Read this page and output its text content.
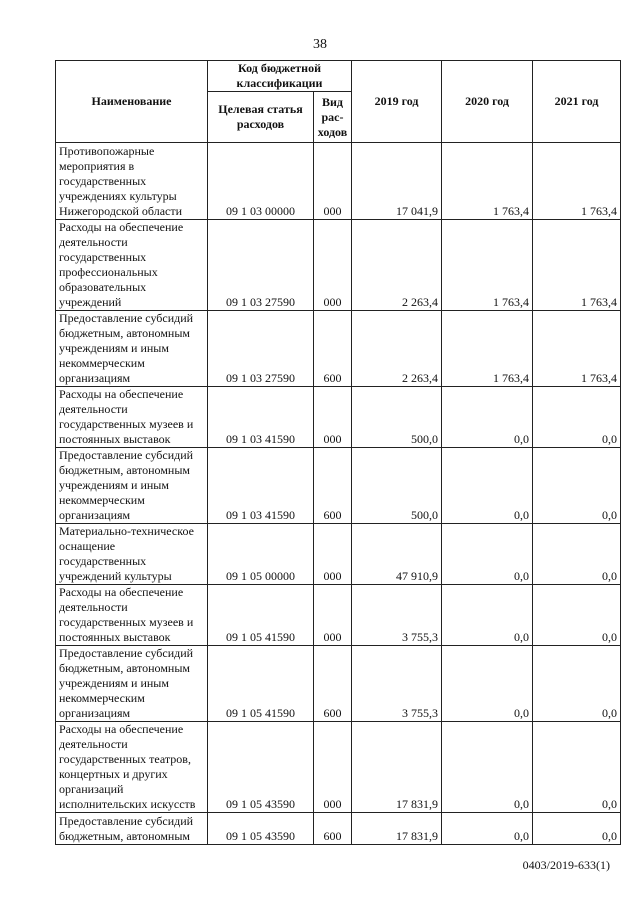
38
Наименование	Код бюджетной классификации		2019 год	2020 год	2021 год
	Целевая статья расходов	Вид рас-ходов			
Противопожарные мероприятия в государственных учреждениях культуры Нижегородской области	09 1 03 00000	000	17 041,9	1 763,4	1 763,4
Расходы на обеспечение деятельности государственных профессиональных образовательных учреждений	09 1 03 27590	000	2 263,4	1 763,4	1 763,4
Предоставление субсидий бюджетным, автономным учреждениям и иным некоммерческим организациям	09 1 03 27590	600	2 263,4	1 763,4	1 763,4
Расходы на обеспечение деятельности государственных музеев и постоянных выставок	09 1 03 41590	000	500,0	0,0	0,0
Предоставление субсидий бюджетным, автономным учреждениям и иным некоммерческим организациям	09 1 03 41590	600	500,0	0,0	0,0
Материально-техническое оснащение государственных учреждений культуры	09 1 05 00000	000	47 910,9	0,0	0,0
Расходы на обеспечение деятельности государственных музеев и постоянных выставок	09 1 05 41590	000	3 755,3	0,0	0,0
Предоставление субсидий бюджетным, автономным учреждениям и иным некоммерческим организациям	09 1 05 41590	600	3 755,3	0,0	0,0
Расходы на обеспечение деятельности государственных театров, концертных и других организаций исполнительских искусств	09 1 05 43590	000	17 831,9	0,0	0,0
Предоставление субсидий бюджетным, автономным	09 1 05 43590	600	17 831,9	0,0	0,0
0403/2019-633(1)
